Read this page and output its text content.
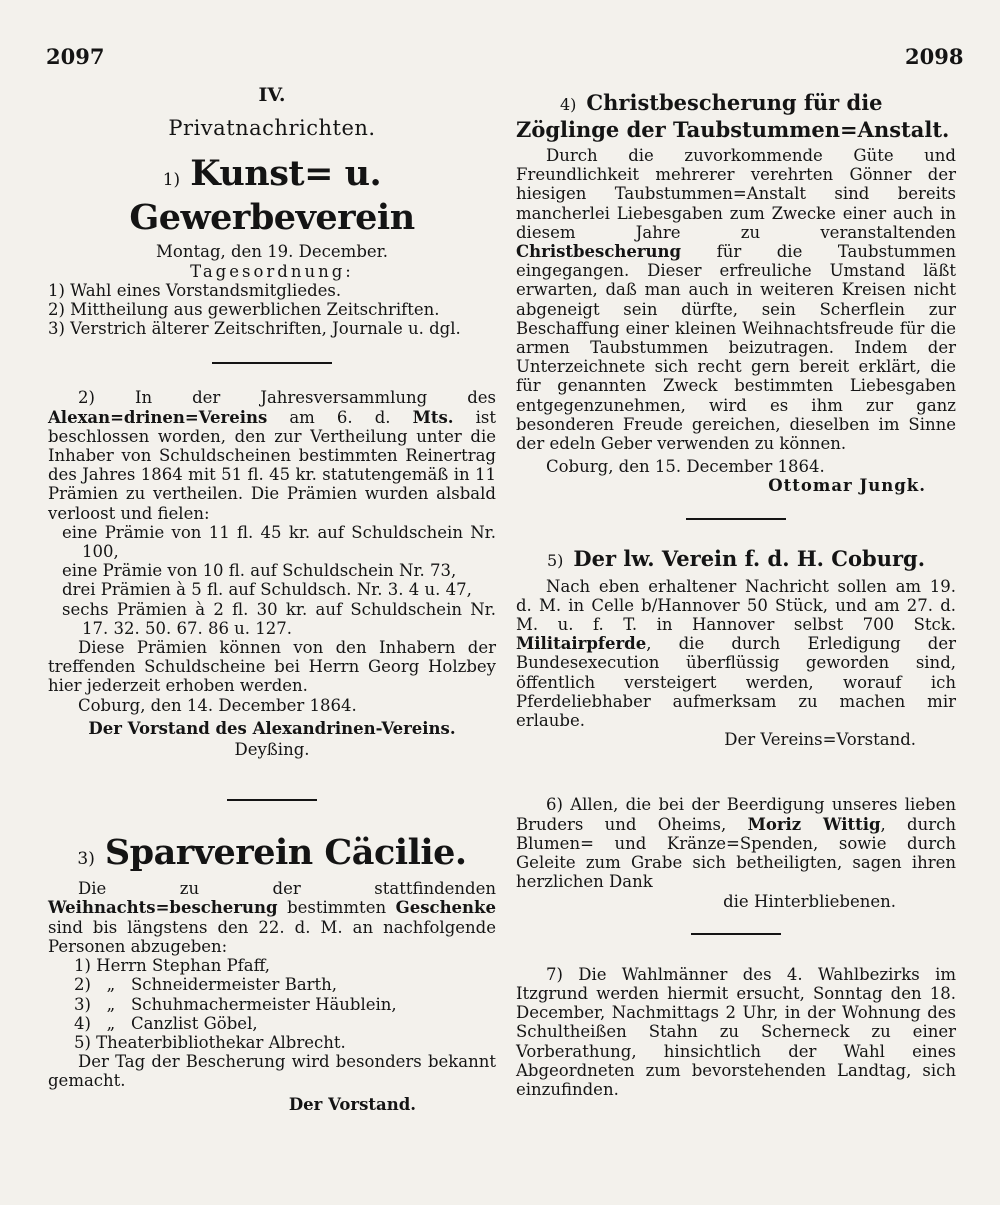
2097	2098

IV.

Privatnachrichten.

1) Kunst= u. Gewerbeverein

Montag, den 19. December.

Tagesordnung:

1) Wahl eines Vorstandsmitgliedes.

2) Mittheilung aus gewerblichen Zeitschriften.

3) Verstrich älterer Zeitschriften, Journale u. dgl.

2) In der Jahresversammlung des Alexan=drinen=Vereins am 6. d. Mts. ist beschlossen worden, den zur Vertheilung unter die Inhaber von Schuldscheinen bestimmten Reinertrag des Jahres 1864 mit 51 fl. 45 kr. statutengemäß in 11 Prämien zu vertheilen. Die Prämien wurden alsbald verloost und fielen:

eine Prämie von 11 fl. 45 kr. auf Schuldschein Nr. 100,

eine Prämie von 10 fl. auf Schuldschein Nr. 73,

drei Prämien à 5 fl. auf Schuldsch. Nr. 3. 4 u. 47,

sechs Prämien à 2 fl. 30 kr. auf Schuldschein Nr. 17. 32. 50. 67. 86 u. 127.

Diese Prämien können von den Inhabern der treffenden Schuldscheine bei Herrn Georg Holzbey hier jederzeit erhoben werden.

Coburg, den 14. December 1864.

Der Vorstand des Alexandrinen-Vereins.

Deyßing.

3) Sparverein Cäcilie.

Die zu der stattfindenden Weihnachts=bescherung bestimmten Geschenke sind bis längstens den 22. d. M. an nachfolgende Personen abzugeben:

1) Herrn Stephan Pfaff,

2)   „   Schneidermeister Barth,

3)   „   Schuhmachermeister Häublein,

4)   „   Canzlist Göbel,

5) Theaterbibliothekar Albrecht.

Der Tag der Bescherung wird besonders bekannt gemacht.

Der Vorstand.

4) Christbescherung für die Zöglinge der Taubstummen=Anstalt.

Durch die zuvorkommende Güte und Freundlichkeit mehrerer verehrten Gönner der hiesigen Taubstummen=Anstalt sind bereits mancherlei Liebesgaben zum Zwecke einer auch in diesem Jahre zu veranstaltenden Christbescherung für die Taubstummen eingegangen. Dieser erfreuliche Umstand läßt erwarten, daß man auch in weiteren Kreisen nicht abgeneigt sein dürfte, sein Scherflein zur Beschaffung einer kleinen Weihnachtsfreude für die armen Taubstummen beizutragen. Indem der Unterzeichnete sich recht gern bereit erklärt, die für genannten Zweck bestimmten Liebesgaben entgegenzunehmen, wird es ihm zur ganz besonderen Freude gereichen, dieselben im Sinne der edeln Geber verwenden zu können.

Coburg, den 15. December 1864.

Ottomar Jungk.

5) Der lw. Verein f. d. H. Coburg.

Nach eben erhaltener Nachricht sollen am 19. d. M. in Celle b/Hannover 50 Stück, und am 27. d. M. u. f. T. in Hannover selbst 700 Stck. Militairpferde, die durch Erledigung der Bundesexecution überflüssig geworden sind, öffentlich versteigert werden, worauf ich Pferdeliebhaber aufmerksam zu machen mir erlaube.

Der Vereins=Vorstand.

6) Allen, die bei der Beerdigung unseres lieben Bruders und Oheims, Moriz Wittig, durch Blumen= und Kränze=Spenden, sowie durch Geleite zum Grabe sich betheiligten, sagen ihren herzlichen Dank

die Hinterbliebenen.

7) Die Wahlmänner des 4. Wahlbezirks im Itzgrund werden hiermit ersucht, Sonntag den 18. December, Nachmittags 2 Uhr, in der Wohnung des Schultheißen Stahn zu Scherneck zu einer Vorberathung, hinsichtlich der Wahl eines Abgeordneten zum bevorstehenden Landtag, sich einzufinden.
